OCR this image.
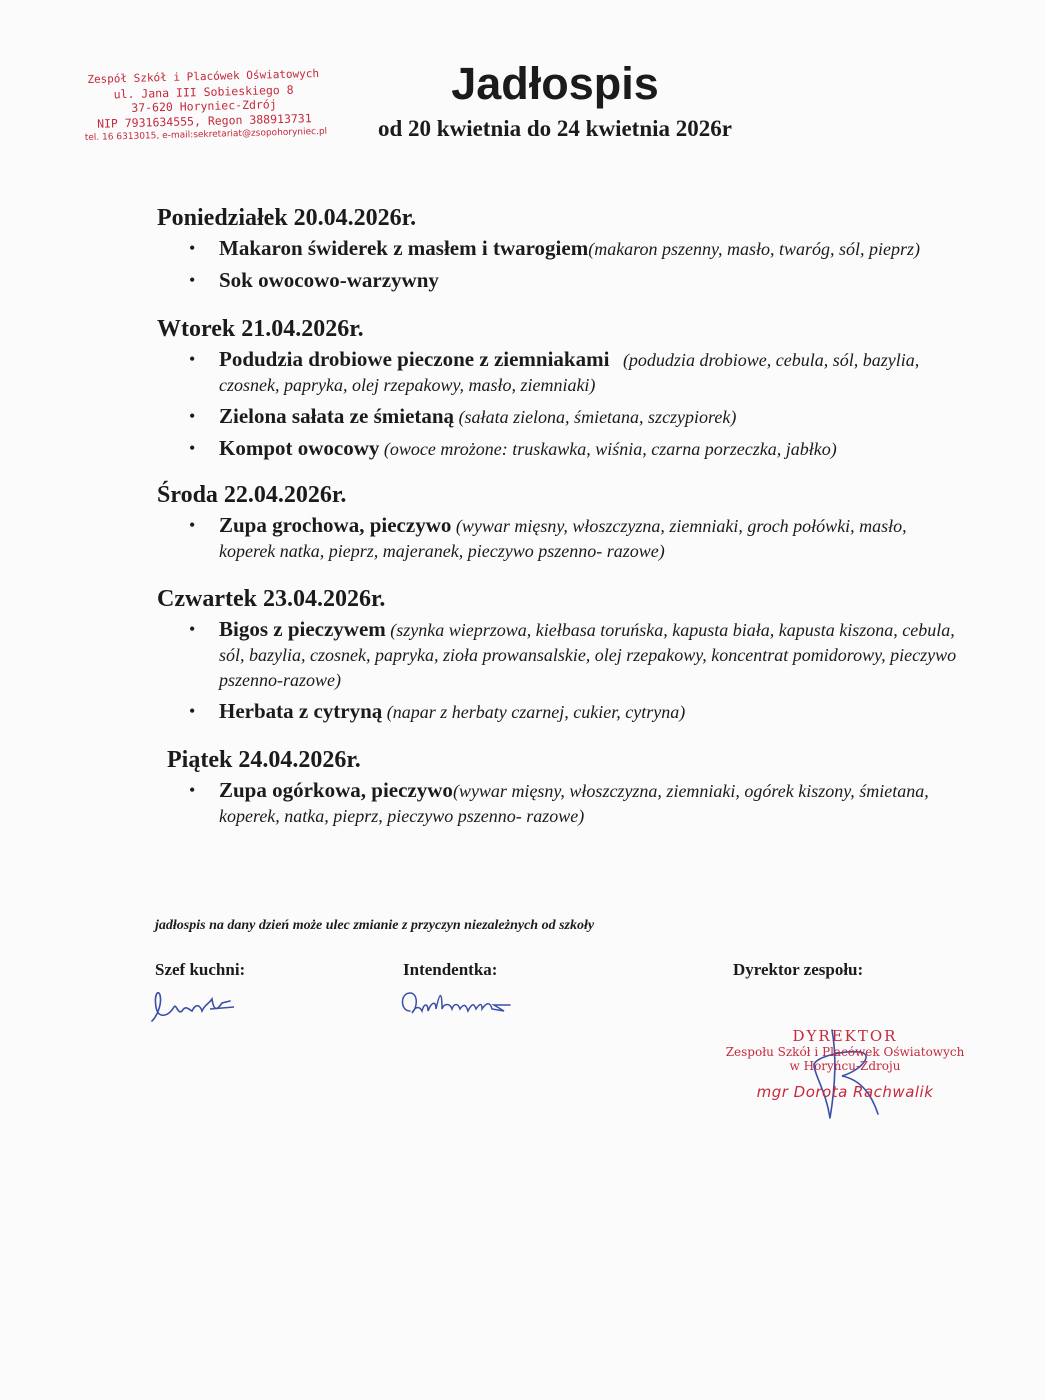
Zespół Szkół i Placówek Oświatowych
ul. Jana III Sobieskiego 8
37-620 Horyniec-Zdrój
NIP 7931634555, Regon 388913731
tel. 16 6313015, e-mail:sekretariat@zsopohoryniec.pl
Jadłospis
od 20 kwietnia do 24 kwietnia 2026r
Poniedziałek 20.04.2026r.
• Makaron świderek z masłem i twarogiem(makaron pszenny, masło, twaróg, sól, pieprz)
• Sok owocowo-warzywny
Wtorek 21.04.2026r.
• Podudzia drobiowe pieczone z ziemniakami (podudzia drobiowe, cebula, sól, bazylia, czosnek, papryka, olej rzepakowy, masło, ziemniaki)
• Zielona sałata ze śmietaną (sałata zielona, śmietana, szczypiorek)
• Kompot owocowy (owoce mrożone: truskawka, wiśnia, czarna porzeczka, jabłko)
Środa 22.04.2026r.
• Zupa grochowa, pieczywo (wywar mięsny, włoszczyzna, ziemniaki, groch połówki, masło, koperek natka, pieprz, majeranek, pieczywo pszenno- razowe)
Czwartek 23.04.2026r.
• Bigos z pieczywem (szynka wieprzowa, kiełbasa toruńska, kapusta biała, kapusta kiszona, cebula, sól, bazylia, czosnek, papryka, zioła prowansalskie, olej rzepakowy, koncentrat pomidorowy, pieczywo pszenno-razowe)
• Herbata z cytryną (napar z herbaty czarnej, cukier, cytryna)
Piątek 24.04.2026r.
• Zupa ogórkowa, pieczywo(wywar mięsny, włoszczyzna, ziemniaki, ogórek kiszony, śmietana, koperek, natka, pieprz, pieczywo pszenno- razowe)
jadłospis na dany dzień może ulec zmianie z przyczyn niezależnych od szkoły
Szef kuchni:	Intendentka:	Dyrektor zespołu:
DYREKTOR
Zespołu Szkół i Placówek Oświatowych
w Horyńcu-Zdroju
mgr Dorota Rachwalik
